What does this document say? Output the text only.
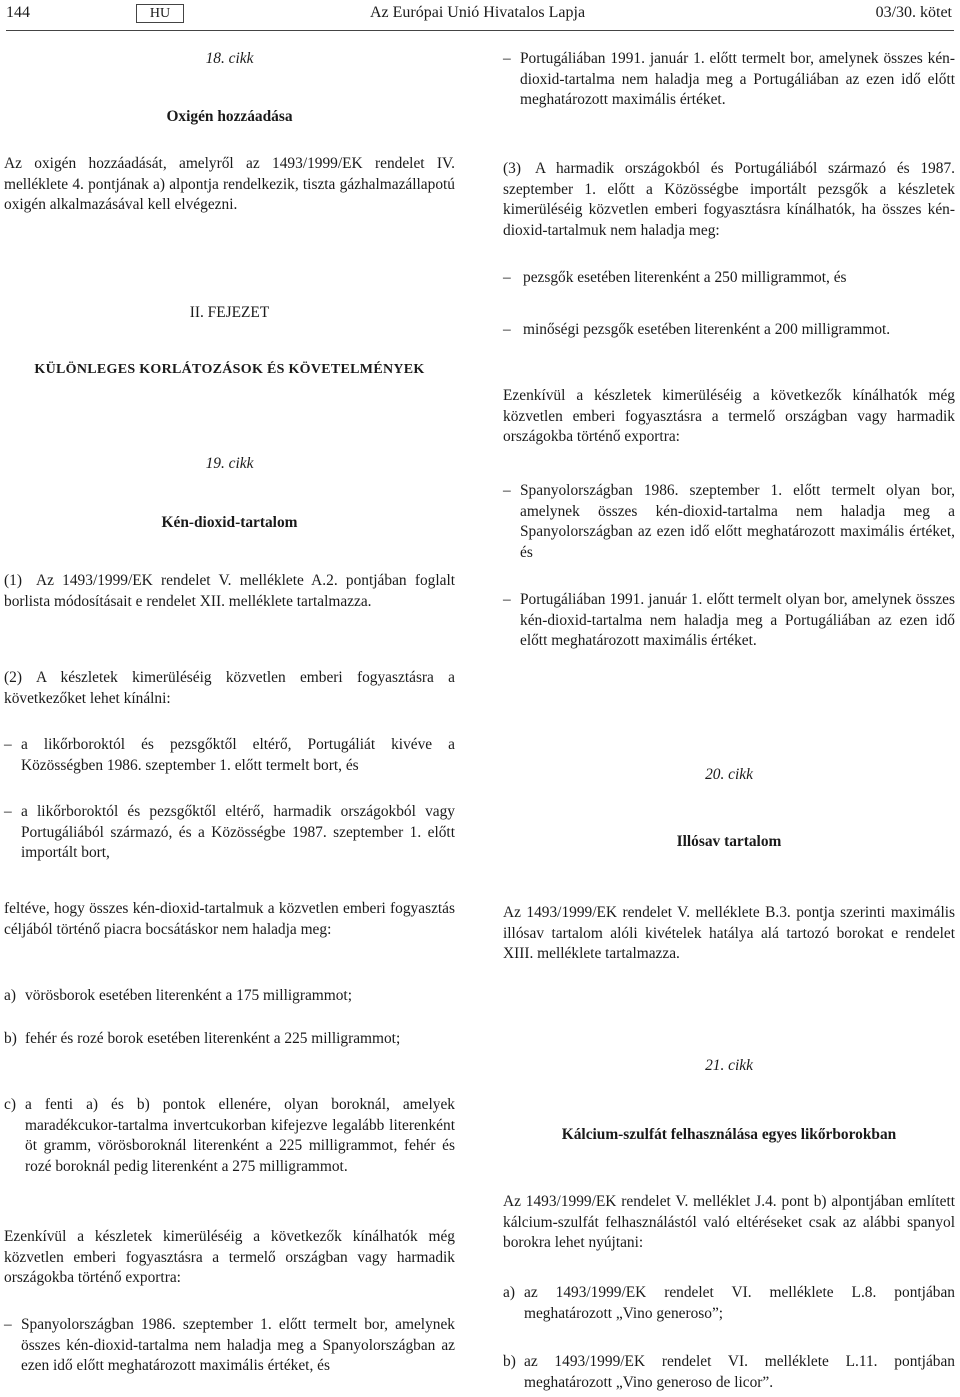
144	HU	Az Európai Unió Hivatalos Lapja	03/30. kötet
18. cikk
Oxigén hozzáadása
Az oxigén hozzáadását, amelyről az 1493/1999/EK rendelet IV. melléklete 4. pontjának a) alpontja rendelkezik, tiszta gázhalmazállapotú oxigén alkalmazásával kell elvégezni.
II. FEJEZET
KÜLÖNLEGES KORLÁTOZÁSOK ÉS KÖVETELMÉNYEK
19. cikk
Kén-dioxid-tartalom
(1) Az 1493/1999/EK rendelet V. melléklete A.2. pontjában foglalt borlista módosításait e rendelet XII. melléklete tartalmazza.
(2) A készletek kimerüléséig közvetlen emberi fogyasztásra a következőket lehet kínálni:
– a likőrboroktól és pezsgőktől eltérő, Portugáliát kivéve a Közösségben 1986. szeptember 1. előtt termelt bort, és
– a likőrboroktól és pezsgőktől eltérő, harmadik országokból vagy Portugáliából származó, és a Közösségbe 1987. szeptember 1. előtt importált bort,
feltéve, hogy összes kén-dioxid-tartalmuk a közvetlen emberi fogyasztás céljából történő piacra bocsátáskor nem haladja meg:
a) vörösborok esetében literenként a 175 milligrammot;
b) fehér és rozé borok esetében literenként a 225 milligrammot;
c) a fenti a) és b) pontok ellenére, olyan boroknál, amelyek maradékcukor-tartalma invertcukorban kifejezve legalább literenként öt gramm, vörösboroknál literenként a 225 milligrammot, fehér és rozé boroknál pedig literenként a 275 milligrammot.
Ezenkívül a készletek kimerüléséig a következők kínálhatók még közvetlen emberi fogyasztásra a termelő országban vagy harmadik országokba történő exportra:
– Spanyolországban 1986. szeptember 1. előtt termelt bor, amelynek összes kén-dioxid-tartalma nem haladja meg a Spanyolországban az ezen idő előtt meghatározott maximális értéket, és
– Portugáliában 1991. január 1. előtt termelt bor, amelynek összes kén-dioxid-tartalma nem haladja meg a Portugáliában az ezen idő előtt meghatározott maximális értéket.
(3) A harmadik országokból és Portugáliából származó és 1987. szeptember 1. előtt a Közösségbe importált pezsgők a készletek kimerüléséig közvetlen emberi fogyasztásra kínálhatók, ha összes kén-dioxid-tartalmuk nem haladja meg:
– pezsgők esetében literenként a 250 milligrammot, és
– minőségi pezsgők esetében literenként a 200 milligrammot.
Ezenkívül a készletek kimerüléséig a következők kínálhatók még közvetlen emberi fogyasztásra a termelő országban vagy harmadik országokba történő exportra:
– Spanyolországban 1986. szeptember 1. előtt termelt olyan bor, amelynek összes kén-dioxid-tartalma nem haladja meg a Spanyolországban az ezen idő előtt meghatározott maximális értéket, és
– Portugáliában 1991. január 1. előtt termelt olyan bor, amelynek összes kén-dioxid-tartalma nem haladja meg a Portugáliában az ezen idő előtt meghatározott maximális értéket.
20. cikk
Illósav tartalom
Az 1493/1999/EK rendelet V. melléklete B.3. pontja szerinti maximális illósav tartalom alóli kivételek hatálya alá tartozó borokat e rendelet XIII. melléklete tartalmazza.
21. cikk
Kálcium-szulfát felhasználása egyes likőrborokban
Az 1493/1999/EK rendelet V. melléklet J.4. pont b) alpontjában említett kálcium-szulfát felhasználástól való eltéréseket csak az alábbi spanyol borokra lehet nyújtani:
a) az 1493/1999/EK rendelet VI. melléklete L.8. pontjában meghatározott „Vino generoso”;
b) az 1493/1999/EK rendelet VI. melléklete L.11. pontjában meghatározott „Vino generoso de licor”.
